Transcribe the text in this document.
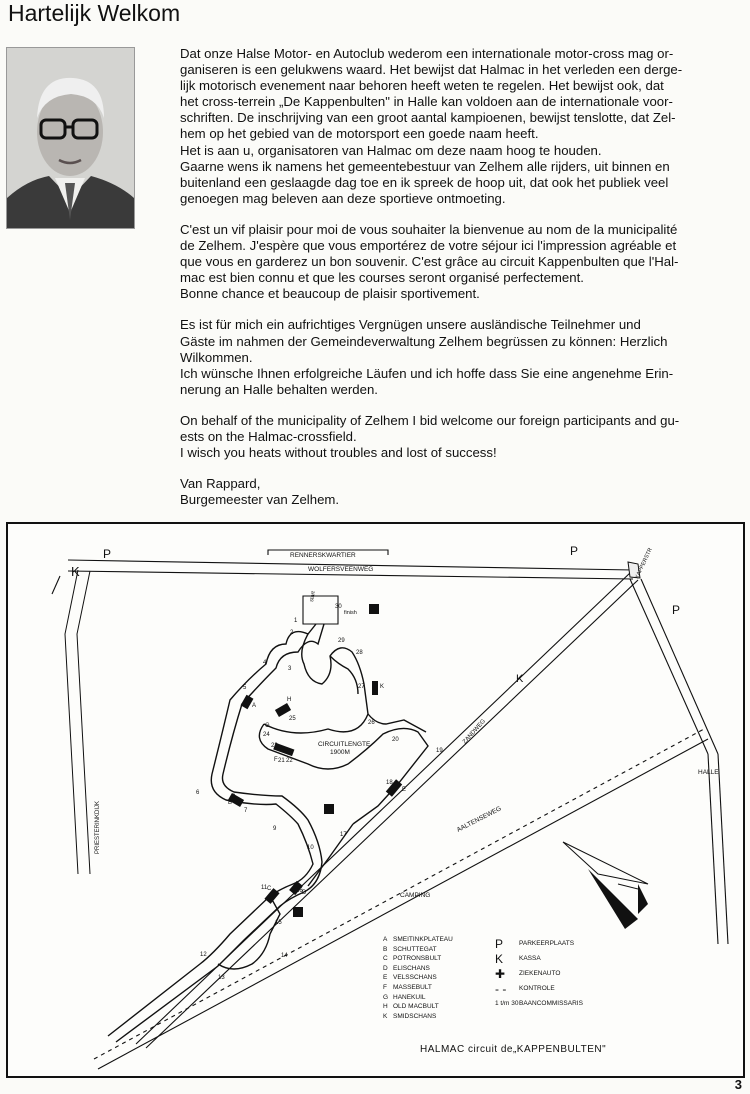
Hartelijk Welkom

Dat onze Halse Motor- en Autoclub wederom een internationale motor-cross mag or-
ganiseren is een gelukwens waard. Het bewijst dat Halmac in het verleden een derge-
lijk motorisch evenement naar behoren heeft weten te regelen. Het bewijst ook, dat
het cross-terrein „De Kappenbulten" in Halle kan voldoen aan de internationale voor-
schriften. De inschrijving van een groot aantal kampioenen, bewijst tenslotte, dat Zel-
hem op het gebied van de motorsport een goede naam heeft.
Het is aan u, organisatoren van Halmac om deze naam hoog te houden.
Gaarne wens ik namens het gemeentebestuur van Zelhem alle rijders, uit binnen en
buitenland een geslaagde dag toe en ik spreek de hoop uit, dat ook het publiek veel
genoegen mag beleven aan deze sportieve ontmoeting.

C'est un vif plaisir pour moi de vous souhaiter la bienvenue au nom de la municipalité
de Zelhem. J'espère que vous emportérez de votre séjour ici l'impression agréable et
que vous en garderez un bon souvenir. C'est grâce au circuit Kappenbulten que l'Hal-
mac est bien connu et que les courses seront organisé perfectement.
Bonne chance et beaucoup de plaisir sportivement.

Es ist für mich ein aufrichtiges Vergnügen unsere ausländische Teilnehmer und
Gäste im nahmen der Gemeindeverwaltung Zelhem begrüssen zu können: Herzlich
Wilkommen.
Ich wünsche Ihnen erfolgreiche Läufen und ich hoffe dass Sie eine angenehme Erin-
nerung an Halle behalten werden.

On behalf of the municipality of Zelhem I bid welcome our foreign participants and gu-
ests on the Halmac-crossfield.
I wisch you heats without troubles and lost of success!

Van Rappard,
Burgemeester van Zelhem.

K
P	P
P
K
RENNERSKWARTIER
WOLFERSVEENWEG
CIRCUITLENGTE
1900M
CAMPING
HALLE
ZANDWEG
AALTENSEWEG
KAPPERSTR
PRIESTERINKDIJK
start
finish
1
2
3
4
5
6
7
8
9
10
11
12
13
14
15
16
17
18
19
20
21 22
23
24
25
26
27
28
29
30
A
B
C
D
E
F
G
H
K
A SMEITINKPLATEAU
B SCHUTTEGAT
C POTRONSBULT
D ELISCHANS
E VELSSCHANS
F MASSEBULT
G HANEKUIL
H OLD MACBULT
K SMIDSCHANS
P	PARKEERPLAATS
K	KASSA
✚	ZIEKENAUTO
- -	KONTROLE
1 t/m 30 BAANCOMMISSARIS
HALMAC circuit de„KAPPENBULTEN"
3
